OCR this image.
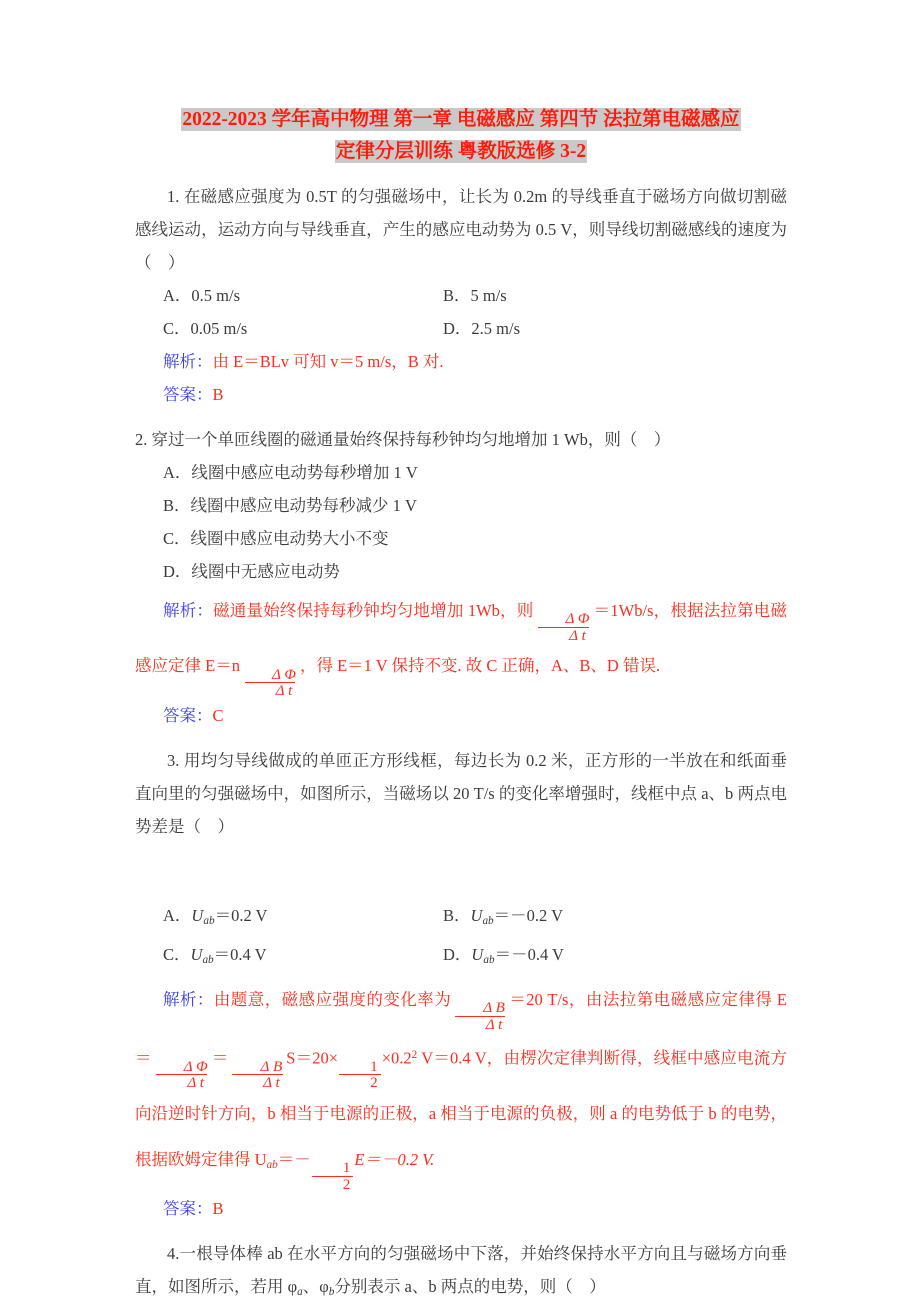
2022-2023 学年高中物理 第一章 电磁感应 第四节 法拉第电磁感应
定律分层训练 粤教版选修 3-2
1. 在磁感应强度为 0.5T 的匀强磁场中，让长为 0.2m 的导线垂直于磁场方向做切割磁感线运动，运动方向与导线垂直，产生的感应电动势为 0.5 V，则导线切割磁感线的速度为（　）
A．0.5 m/s	B．5 m/s
C．0.05 m/s	D．2.5 m/s
解析：由 E＝BLv 可知 v＝5 m/s，B 对.
答案：B
2. 穿过一个单匝线圈的磁通量始终保持每秒钟均匀地增加 1 Wb，则（　）
A．线圈中感应电动势每秒增加 1 V
B．线圈中感应电动势每秒减少 1 V
C．线圈中感应电动势大小不变
D．线圈中无感应电动势
解析：磁通量始终保持每秒钟均匀地增加 1Wb，则
$\frac{\text{Δ Φ}}{\text{Δ t}}$
＝1Wb/s，根据法拉第电磁感应定律 E＝n
$\frac{\text{Δ Φ}}{\text{Δ t}}$
，得 E＝1 V 保持不变. 故 C 正确，A、B、D 错误.
答案：C
3. 用均匀导线做成的单匝正方形线框，每边长为 0.2 米，正方形的一半放在和纸面垂直向里的匀强磁场中，如图所示，当磁场以 20 T/s 的变化率增强时，线框中点 a、b 两点电势差是（　）
A．$U_{ab}=0.2$ V	B．$U_{ab}=-0.2$ V
C．$U_{ab}=0.4$ V	D．$U_{ab}=-0.4$ V
解析：由题意，磁感应强度的变化率为
$\frac{\text{Δ B}}{\text{Δ t}}$
＝20 T/s，由法拉第电磁感应定律得 E＝
$\frac{\text{Δ Φ}}{\text{Δ t}}$
＝
$\frac{\text{Δ B}}{\text{Δ t}}$
S＝20×
$\frac{1}{2}$
$\times 0.2^2$ V＝0.4 V，由楞次定律判断得，线框中感应电流方向沿逆时针方向，b 相当于电源的正极，a 相当于电源的负极，则 a 的电势低于 b 的电势，根据欧姆定律得 $U_{ab}=-$
$\frac{1}{2}$
E＝－0.2 V.
答案：B
4.一根导体棒 ab 在水平方向的匀强磁场中下落，并始终保持水平方向且与磁场方向垂直，如图所示，若用 $\varphi_a$、$\varphi_b$分别表示 a、b 两点的电势，则（　）
